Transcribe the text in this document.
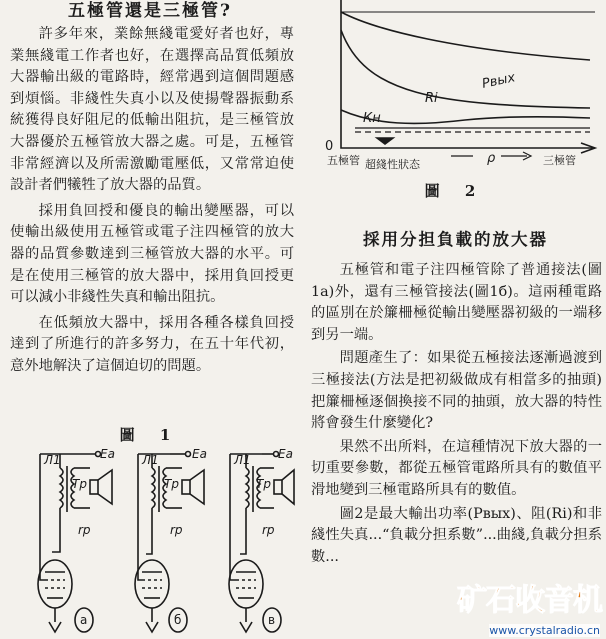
五極管還是三極管?

許多年來，業餘無綫電愛好者也好，專業無綫電工作者也好，在選擇高品質低頻放大器輸出級的電路時，經常遇到這個問題感到煩惱。非綫性失真小以及使揚聲器振動系統獲得良好阻尼的低輸出阻抗，是三極管放大器優於五極管放大器之處。可是，五極管非常經濟以及所需激勵電壓低，又常常迫使設計者們犧牲了放大器的品質。

採用負回授和優良的輸出變壓器，可以使輸出級使用五極管或電子注四極管的放大器的品質參數達到三極管放大器的水平。可是在使用三極管的放大器中，採用負回授更可以減小非綫性失真和輸出阻抗。

在低頻放大器中，採用各種各樣負回授達到了所進行的許多努力，在五十年代初，意外地解決了這個迫切的問題。

圖 1
Л1
Tp
Ea
rp
a
Л1
Tp
Ea
rp
б
Л1
Tp
Ea
rp
в
Pвых
Ri
Кн
0
ρ
五極管 超綫性狀态	三極管
圖 2
採用分担負載的放大器

五極管和電子注四極管除了普通接法(圖1a)外，還有三極管接法(圖1б)。這兩種電路的區別在於簾柵極從輸出變壓器初級的一端移到另一端。

問題產生了：如果從五極接法逐漸過渡到三極接法(方法是把初級做成有相當多的抽頭)把簾柵極逐個換接不同的抽頭，放大器的特性將會發生什麼變化?

果然不出所料，在這種情况下放大器的一切重要參數，都從五極管電路所具有的數值平滑地變到三極電路所具有的數值。

圖2是最大輸出功率(Pвых)、阻(Ri)和非綫性失真...“負載分担系數”...曲綫,負載分担系數...

矿石收音机
www.crystalradio.cn
